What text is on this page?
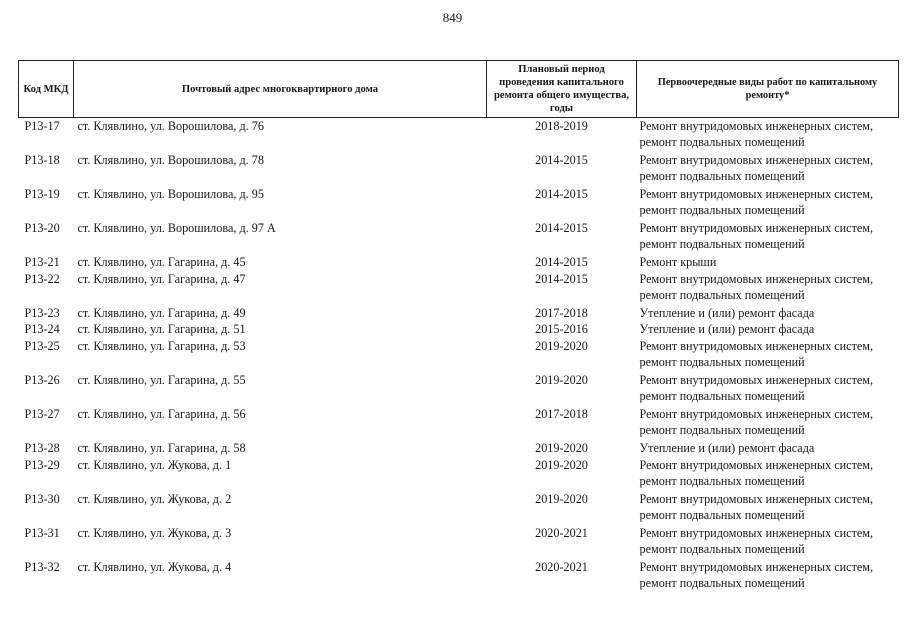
849
Код МКД	Почтовый адрес многоквартирного дома	Плановый период проведения капитального ремонта общего имущества, годы	Первоочередные виды работ по капитальному ремонту*
Р13-17	ст. Клявлино, ул. Ворошилова, д. 76	2018-2019	Ремонт внутридомовых инженерных систем,
ремонт подвальных помещений

Р13-18	ст. Клявлино, ул. Ворошилова, д. 78	2014-2015	Ремонт внутридомовых инженерных систем,
ремонт подвальных помещений

Р13-19	ст. Клявлино, ул. Ворошилова, д. 95	2014-2015	Ремонт внутридомовых инженерных систем,
ремонт подвальных помещений

Р13-20	ст. Клявлино, ул. Ворошилова, д. 97 А	2014-2015	Ремонт внутридомовых инженерных систем,
ремонт подвальных помещений

Р13-21	ст. Клявлино, ул. Гагарина, д. 45	2014-2015	Ремонт крыши

Р13-22	ст. Клявлино, ул. Гагарина, д. 47	2014-2015	Ремонт внутридомовых инженерных систем,
ремонт подвальных помещений

Р13-23	ст. Клявлино, ул. Гагарина, д. 49	2017-2018	Утепление и (или) ремонт фасада

Р13-24	ст. Клявлино, ул. Гагарина, д. 51	2015-2016	Утепление и (или) ремонт фасада

Р13-25	ст. Клявлино, ул. Гагарина, д. 53	2019-2020	Ремонт внутридомовых инженерных систем,
ремонт подвальных помещений

Р13-26	ст. Клявлино, ул. Гагарина, д. 55	2019-2020	Ремонт внутридомовых инженерных систем,
ремонт подвальных помещений

Р13-27	ст. Клявлино, ул. Гагарина, д. 56	2017-2018	Ремонт внутридомовых инженерных систем,
ремонт подвальных помещений

Р13-28	ст. Клявлино, ул. Гагарина, д. 58	2019-2020	Утепление и (или) ремонт фасада

Р13-29	ст. Клявлино, ул. Жукова, д. 1	2019-2020	Ремонт внутридомовых инженерных систем,
ремонт подвальных помещений

Р13-30	ст. Клявлино, ул. Жукова, д. 2	2019-2020	Ремонт внутридомовых инженерных систем,
ремонт подвальных помещений

Р13-31	ст. Клявлино, ул. Жукова, д. 3	2020-2021	Ремонт внутридомовых инженерных систем,
ремонт подвальных помещений

Р13-32	ст. Клявлино, ул. Жукова, д. 4	2020-2021	Ремонт внутридомовых инженерных систем,
ремонт подвальных помещений
